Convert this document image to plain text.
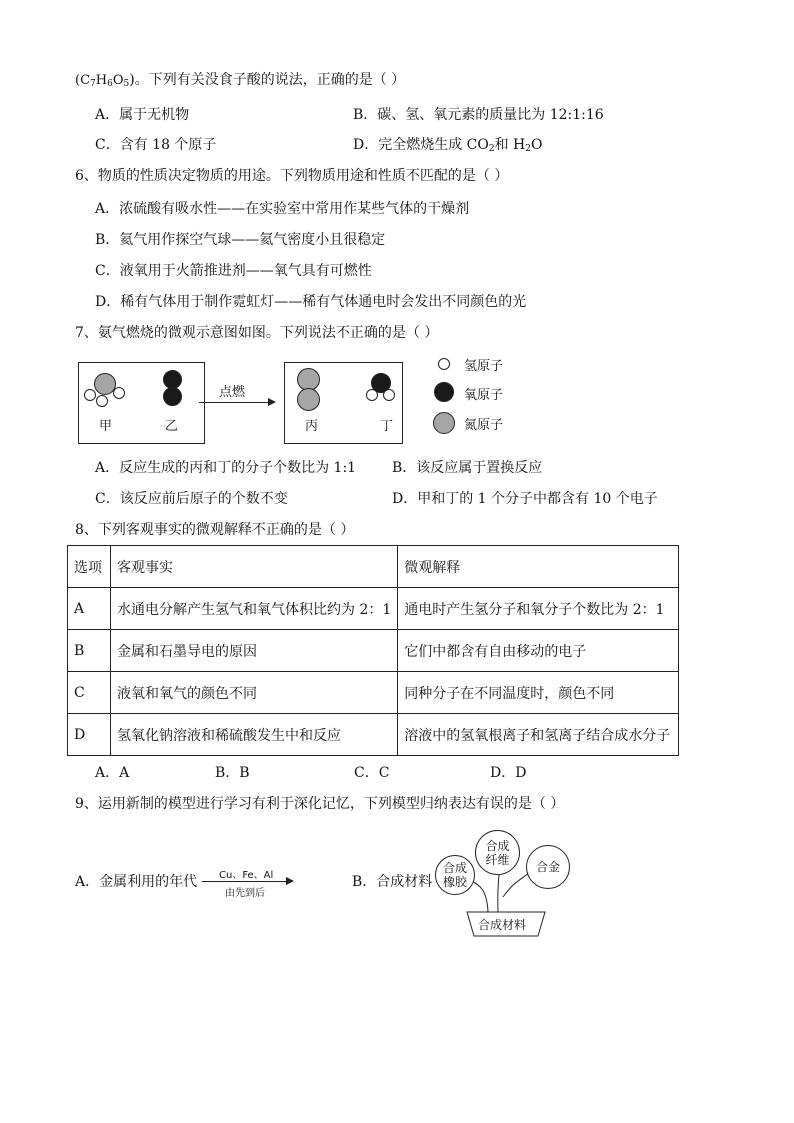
$(C_7H_6O_5)$。下列有关没食子酸的说法，正确的是（ ）
A．属于无机物	B．碳、氢、氧元素的质量比为 12:1:16
C．含有 18 个原子	D．完全燃烧生成 $CO_2$和 $H_2O$
6、物质的性质决定物质的用途。下列物质用途和性质不匹配的是（ ）
A．浓硫酸有吸水性——在实验室中常用作某些气体的干燥剂
B．氦气用作探空气球——氦气密度小且很稳定
C．液氧用于火箭推进剂——氧气具有可燃性
D．稀有气体用于制作霓虹灯——稀有气体通电时会发出不同颜色的光
7、氨气燃烧的微观示意图如图。下列说法不正确的是（ ）
甲	乙
点燃
丙	丁
氢原子
氧原子
氮原子
A．反应生成的丙和丁的分子个数比为 1:1	B．该反应属于置换反应
C．该反应前后原子的个数不变	D．甲和丁的 1 个分子中都含有 10 个电子
8、下列客观事实的微观解释不正确的是（ ）
选项	客观事实	微观解释
A	水通电分解产生氢气和氧气体积比约为 2：1	通电时产生氢分子和氧分子个数比为 2：1
B	金属和石墨导电的原因	它们中都含有自由移动的电子
C	液氧和氧气的颜色不同	同种分子在不同温度时，颜色不同
D	氢氧化钠溶液和稀硫酸发生中和反应	溶液中的氢氧根离子和氢离子结合成水分子
A．A	B．B	C．C	D．D
9、运用新制的模型进行学习有利于深化记忆，下列模型归纳表达有误的是（ ）
A．金属利用的年代 Cu、Fe、Al
由先到后
B．合成材料
合成橡胶
合成纤维
合金
合成材料
